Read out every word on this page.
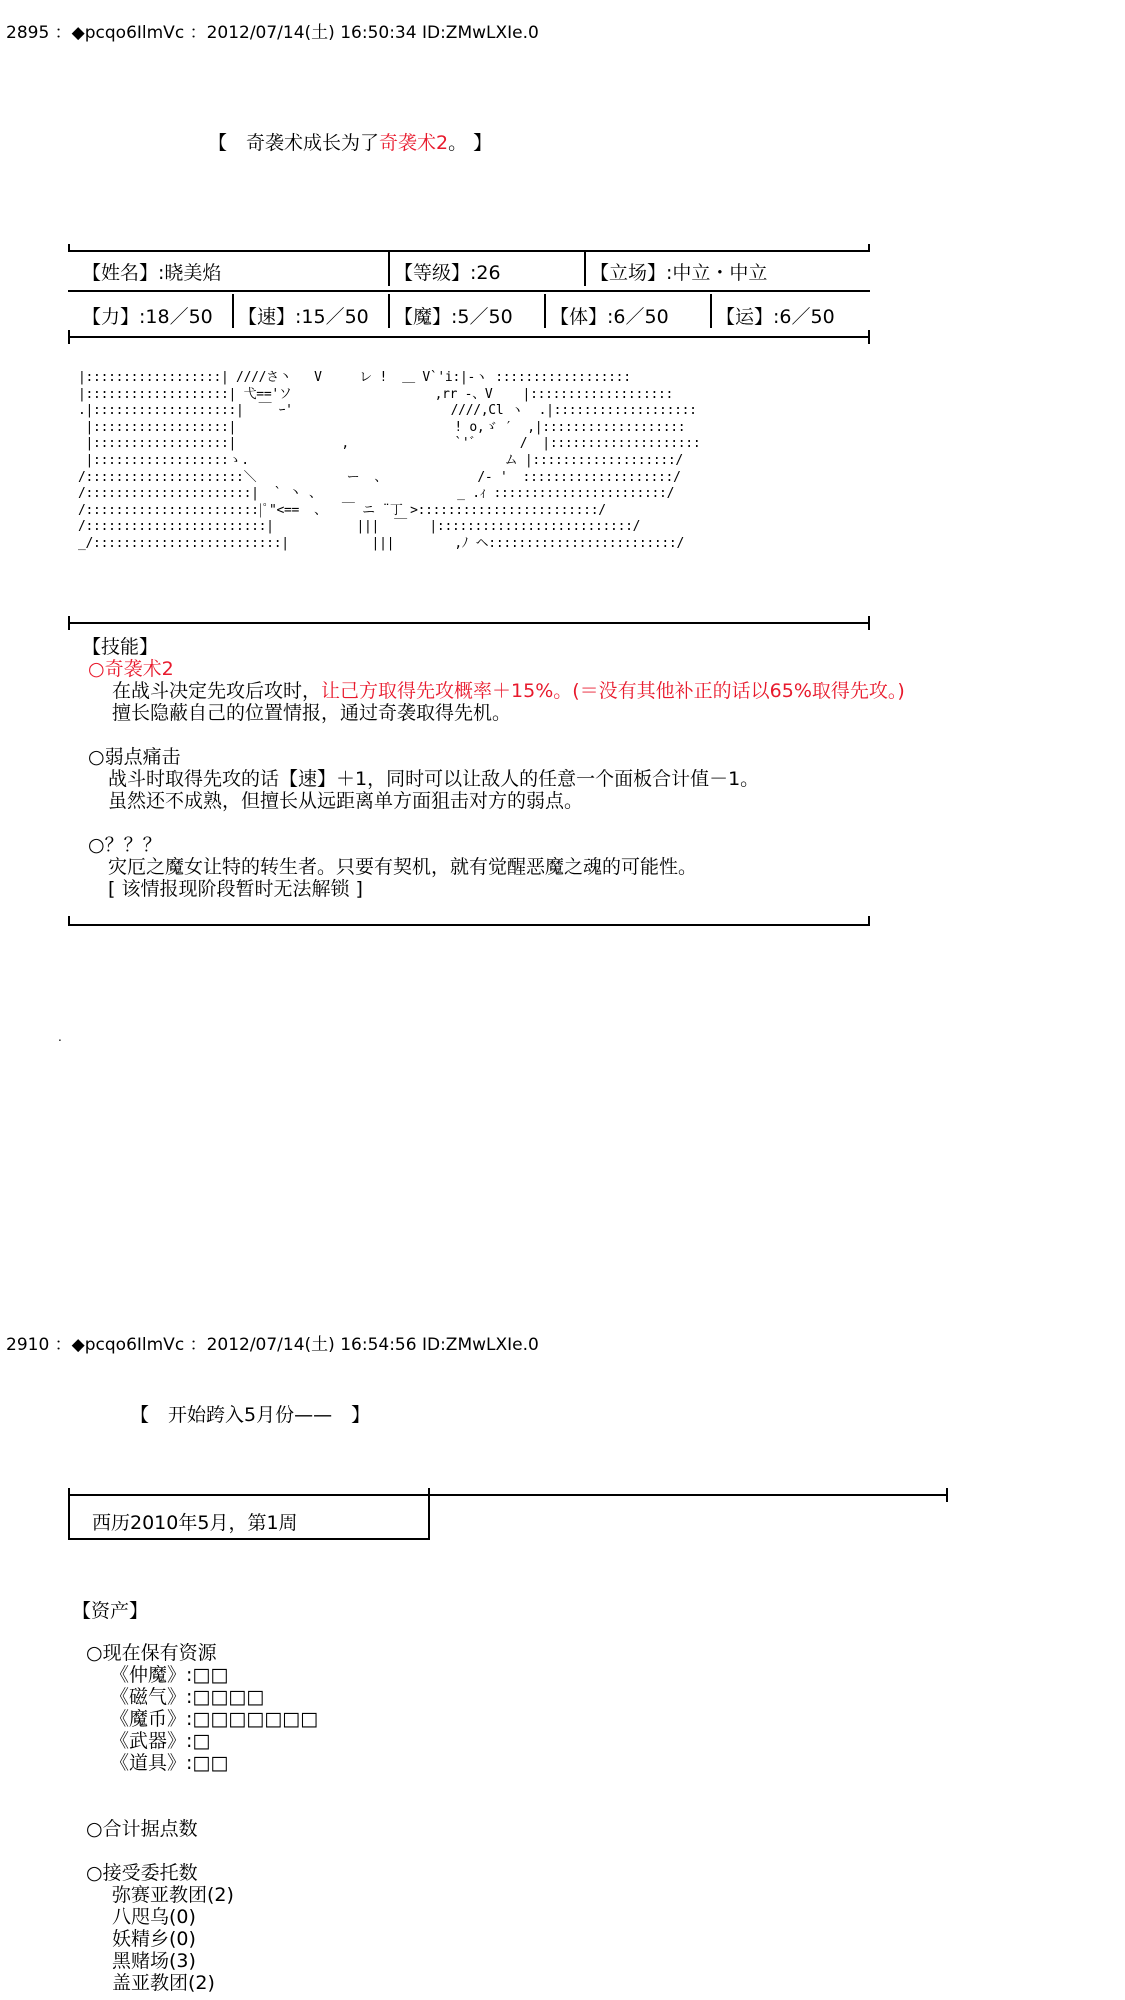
2895 ：◆pcqo6IlmVc ：2012/07/14(土) 16:50:34 ID:ZMwLXIe.0
【　奇袭术成长为了奇袭术2。 】
【姓名】:晓美焰	【等级】:26	【立场】:中立・中立
【力】:18／50 【速】:15／50 【魔】:5／50 【体】:6／50 【运】:6／50
|::::::::::::::::::| ////さ丶   V     レ !  ＿ V`'i:|-ヽ ::::::::::::::::::
|:::::::::::::::::::| 弋=='ソ                   ,rr ‐、V    |:::::::::::::::::::
.|:::::::::::::::::::|  ￣ ｰ'                     ////,Cl ヽ  .|:::::::::::::::::::
|::::::::::::::::::|                             ! o,ゞ ′  ,|:::::::::::::::::::
|::::::::::::::::::|              ,              `'゛     /  |::::::::::::::::::::
|::::::::::::::::::ゝ.                                  ム |:::::::::::::::::::/
/:::::::::::::::::::::＼            ー  、            /- '  ::::::::::::::::::::/
/::::::::::::::::::::::|  ` 丶 、                  _ .ｨ :::::::::::::::::::::::/
/:::::::::::::::::::::::|ﾟ"<==  、  ￣ ニ ¨丁 >::::::::::::::::::::::::/
/::::::::::::::::::::::::|           |||  ￣   |::::::::::::::::::::::::::/
_/:::::::::::::::::::::::::|           |||        ,ﾉ ヘ:::::::::::::::::::::::::/
【技能】
○奇袭术2
在战斗决定先攻后攻时，让己方取得先攻概率＋15%。(＝没有其他补正的话以65%取得先攻。)
擅长隐蔽自己的位置情报，通过奇袭取得先机。
○弱点痛击
战斗时取得先攻的话【速】＋1，同时可以让敌人的任意一个面板合计值－1。
虽然还不成熟，但擅长从远距离单方面狙击对方的弱点。
○？？？
灾厄之魔女让特的转生者。只要有契机，就有觉醒恶魔之魂的可能性。
[ 该情报现阶段暂时无法解锁 ]
.
2910 ：◆pcqo6IlmVc ：2012/07/14(土) 16:54:56 ID:ZMwLXIe.0
【　开始跨入5月份——　】
西历2010年5月，第1周
【资产】
○现在保有资源
《仲魔》:□□
《磁气》:□□□□
《魔币》:□□□□□□□
《武器》:□
《道具》:□□
○合计据点数
○接受委托数
弥赛亚教团(2)
八咫乌(0)
妖精乡(0)
黑赌场(3)
盖亚教团(2)
